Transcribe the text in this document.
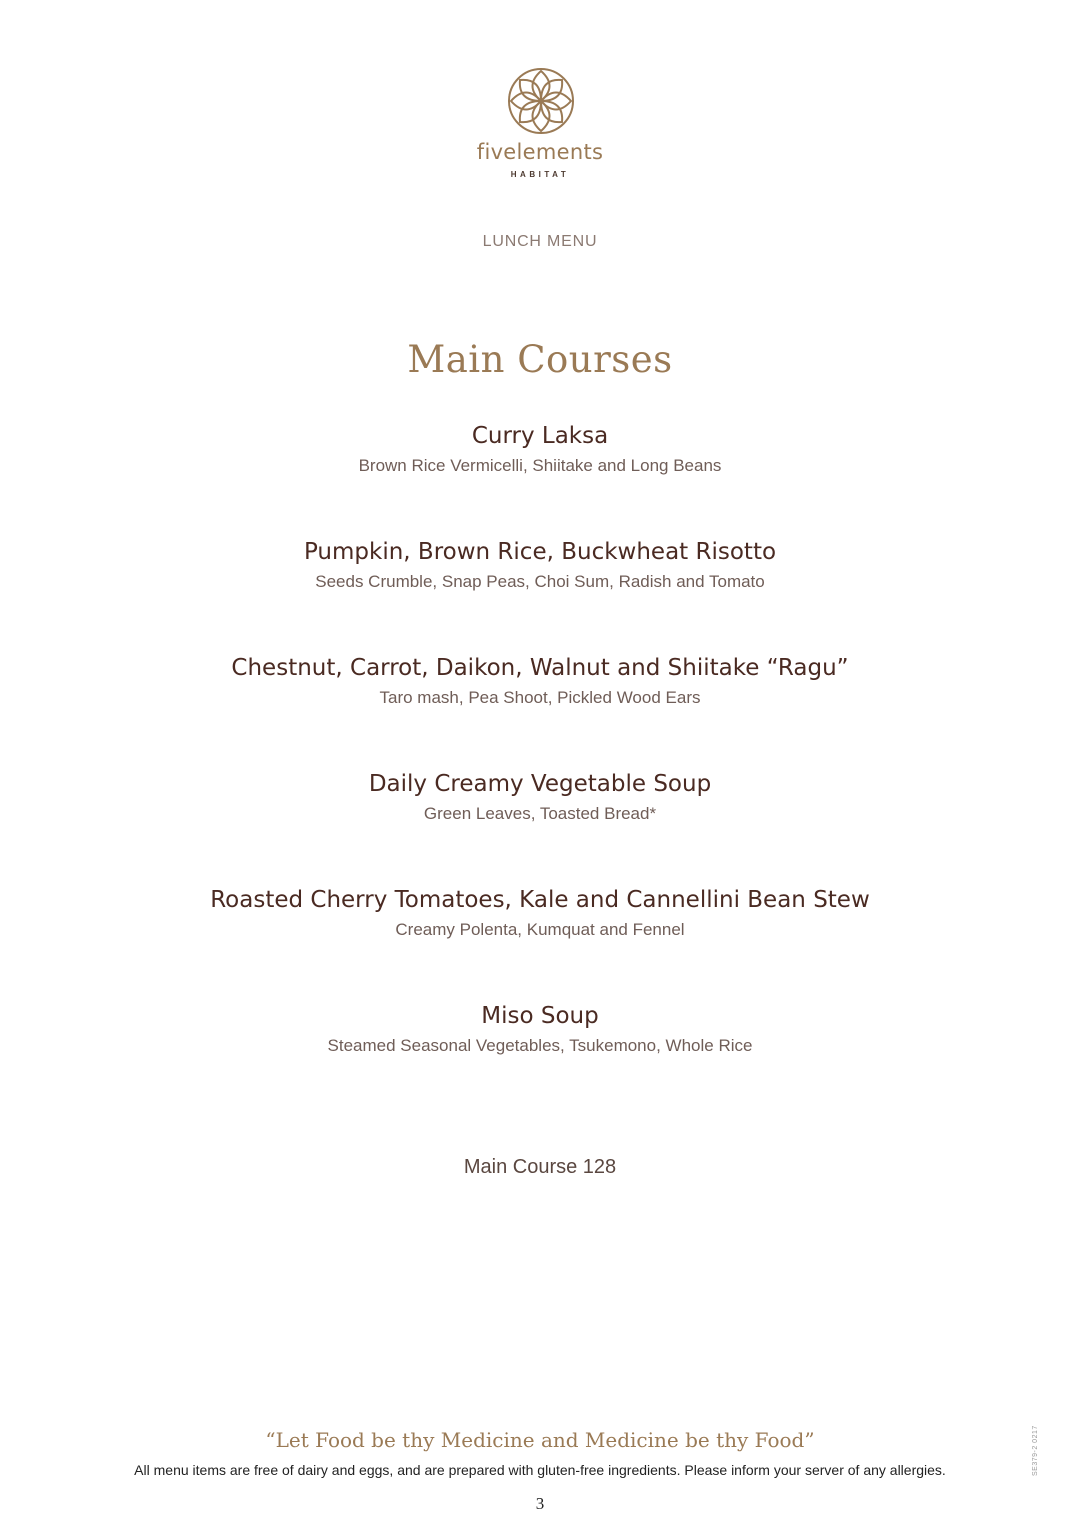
fivelements
HABITAT
LUNCH MENU
Main Courses
Curry Laksa
Brown Rice Vermicelli, Shiitake and Long Beans
Pumpkin, Brown Rice, Buckwheat Risotto
Seeds Crumble, Snap Peas, Choi Sum, Radish and Tomato
Chestnut, Carrot, Daikon, Walnut and Shiitake “Ragu”
Taro mash, Pea Shoot, Pickled Wood Ears
Daily Creamy Vegetable Soup
Green Leaves, Toasted Bread*
Roasted Cherry Tomatoes, Kale and Cannellini Bean Stew
Creamy Polenta, Kumquat and Fennel
Miso Soup
Steamed Seasonal Vegetables, Tsukemono, Whole Rice
Main Course 128
“Let Food be thy Medicine and Medicine be thy Food”
All menu items are free of dairy and eggs, and are prepared with gluten-free ingredients. Please inform your server of any allergies.
3
SE379-2 0217
